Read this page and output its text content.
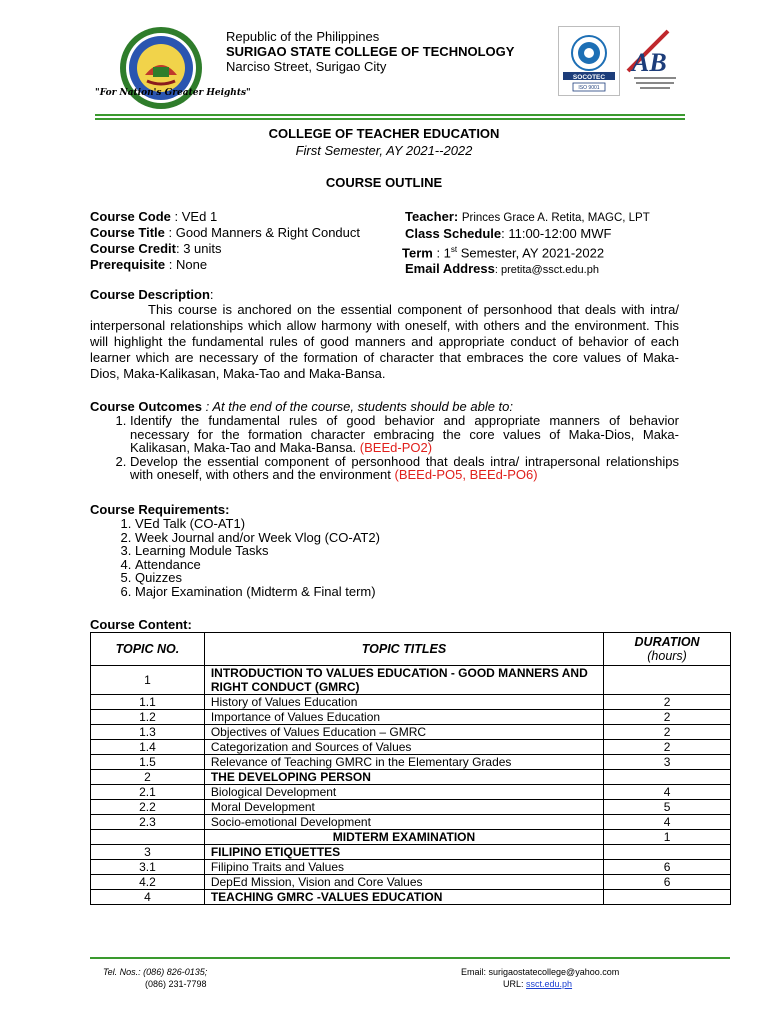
"For Nation's Greater Heights"
Republic of the Philippines
SURIGAO STATE COLLEGE OF TECHNOLOGY
Narciso Street, Surigao City
SOCOTEC
ISO 9001
AB
COLLEGE OF TEACHER EDUCATION
First Semester, AY 2021--2022
COURSE OUTLINE
Course Code : VEd 1
Course Title : Good Manners & Right Conduct
Course Credit: 3 units
Prerequisite : None
Teacher: Princes Grace A. Retita, MAGC, LPT
Class Schedule: 11:00-12:00 MWF
Term : 1st Semester, AY 2021-2022
Email Address: pretita@ssct.edu.ph
Course Description:

This course is anchored on the essential component of personhood that deals with intra/ interpersonal relationships which allow harmony with oneself, with others and the environment. This will highlight the fundamental rules of good manners and appropriate conduct of behavior of each learner which are necessary of the formation of character that embraces the core values of Maka-Dios, Maka-Kalikasan, Maka-Tao and Maka-Bansa.

Course Outcomes : At the end of the course, students should be able to:
1. Identify the fundamental rules of good behavior and appropriate manners of behavior necessary for the formation character embracing the core values of Maka-Dios, Maka-Kalikasan, Maka-Tao and Maka-Bansa. (BEEd-PO2)
2. Develop the essential component of personhood that deals intra/ intrapersonal relationships with oneself, with others and the environment (BEEd-PO5, BEEd-PO6)
Course Requirements:
1. VEd Talk (CO-AT1)
2. Week Journal and/or Week Vlog (CO-AT2)
3. Learning Module Tasks
4. Attendance
5. Quizzes
6. Major Examination (Midterm & Final term)
Course Content:
TOPIC NO.	TOPIC TITLES	DURATION
(hours)

1	INTRODUCTION TO VALUES EDUCATION - GOOD MANNERS AND RIGHT CONDUCT (GMRC)	
1.1	History of Values Education	2
1.2	Importance of Values Education	2
1.3	Objectives of Values Education – GMRC	2
1.4	Categorization and Sources of Values	2
1.5	Relevance of Teaching GMRC in the Elementary Grades	3
2	THE DEVELOPING PERSON	
2.1	Biological Development	4
2.2	Moral Development	5
2.3	Socio-emotional Development	4
	MIDTERM EXAMINATION	1
3	FILIPINO ETIQUETTES	
3.1	Filipino Traits and Values	6
4.2	DepEd Mission, Vision and Core Values	6
4	TEACHING GMRC -VALUES EDUCATION	
Tel. Nos.: (086) 826-0135;
(086) 231-7798
Email: surigaostatecollege@yahoo.com
URL: ssct.edu.ph
